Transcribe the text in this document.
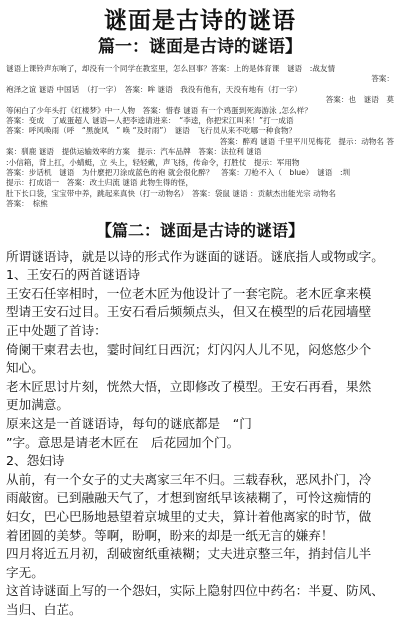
谜面是古诗的谜语
篇一：谜面是古诗的谜语】

谜语上课铃声东响了，却没有一个同学在教室里，怎么回事？答案：上的是体育课　谜语　:战友情

答案：

袍泽之谊 谜语 中国话　（打一字）　答案：哞 谜语　我没有他有，天没有地有（打一字）

答案：也　谜语　莫

等闲白了少年头打《红楼梦》中一人物　答案：惜春 谜语 有一个鸡蛋到死海游泳 ,怎么样？

答案：变成　了咸蛋超人 谜语—人把李逵请进来：　“李逵，你把宋江叫来！”打一成语

答案：呼风唤雨（呼　“黑旋风　” 唤 “及时雨”）　谜语　飞行员从来不吃哪一种食物？

答案：醉鸡 谜语 千里平川见梅花　提示：动物名 答

案：驯鹿 谜语　提供运输效率的方案　提示：汽车品牌　答案：法拉利 谜语

:小信箱，背上扛，小蜻蜓，立 头上，轻轻戴，声飞扬，传命令，打胜仗　提示：军用物

答案：步话机　谜语　为什麽把刀涂成蓝色的袍 就会很化醉？　答案：刀枪不入（　blue）　谜语　:圳

提示：打成语一　答案：改土归流 谜语 此物生得的怪，

肚下长口袋，宝宝带中养，跳起来真快（打一动物名）　答案：袋鼠 谜语 ：贡献杰出能光宗 动物名

答案：　棕熊

【篇二：谜面是古诗的谜语】

所谓谜语诗，就是以诗的形式作为谜面的谜语。谜底指人或物或字。

1、王安石的两首谜语诗

王安石任宰相时，一位老木匠为他设计了一套宅院。老木匠拿来模

型请王安石过目。王安石看后频频点头，但又在模型的后花园墙壁

正中处题了首诗：

倚阑干柬君去也，霎时间红日西沉；灯闪闪人儿不见，闷悠悠少个

知心。

老木匠思讨片刻，恍然大悟，立即修改了模型。王安石再看，果然

更加满意。

原来这是一首谜语诗，每句的谜底都是　“门

”字。意思是请老木匠在　后花园加个门。

2、怨妇诗

从前，有一个女子的丈夫离家三年不归。三载春秋，恶风扑门，冷

雨敲窗。已到融融天气了，才想到窗纸早该裱糊了，可怜这痴情的

妇女，巴心巴肠地悬望着京城里的丈夫，算计着他离家的时节，做

着团圆的美梦。等啊，盼啊，盼来的却是一纸无言的嫌弃！

四月将近五月初，刮破窗纸重裱糊；丈夫进京整三年，捎封信儿半

字无。

这首诗谜面上写的一个怨妇，实际上隐射四位中药名：半夏、防风、

当归、白芷。
